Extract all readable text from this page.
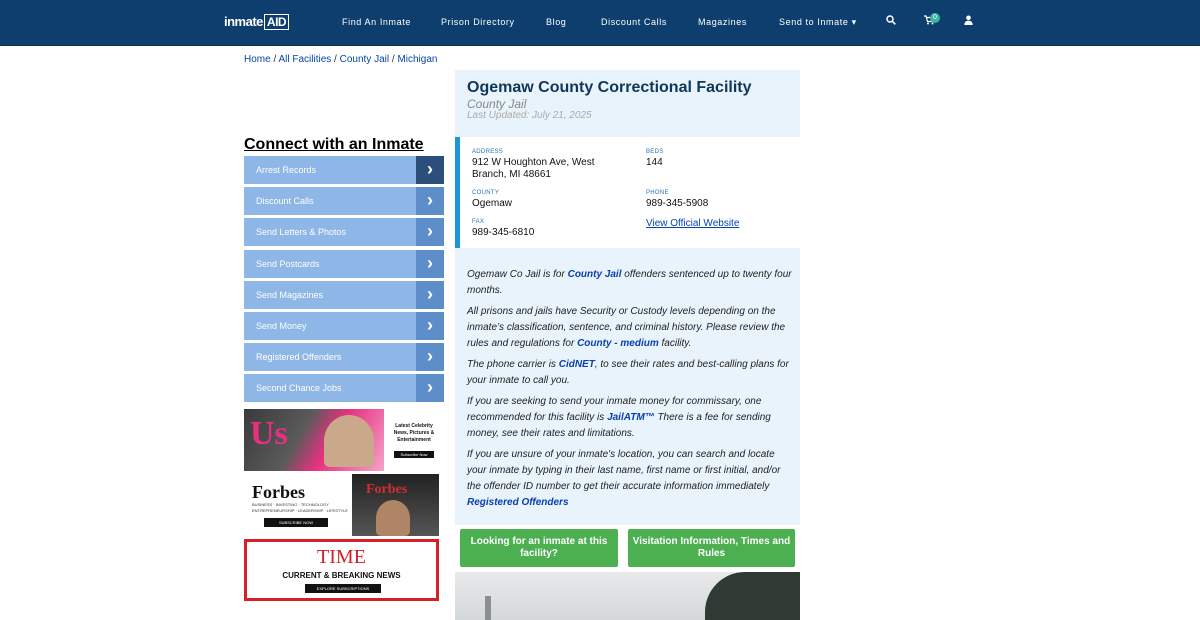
inmate AID	Find An Inmate	Prison Directory	Blog	Discount Calls	Magazines	Send to Inmate ▾	0
Home / All Facilities / County Jail / Michigan
Connect with an Inmate
Arrest Records	›
Discount Calls	›
Send Letters & Photos	›
Send Postcards	›
Send Magazines	›
Send Money	›
Registered Offenders	›
Second Chance Jobs	›
Us	Latest Celebrity
News, Pictures &
Entertainment
Subscribe Now
Forbes
BUSINESS · INVESTING · TECHNOLOGY
ENTREPRENEURSHIP · LEADERSHIP · LIFESTYLE
SUBSCRIBE NOW
Forbes
TIME
CURRENT & BREAKING NEWS
EXPLORE SUBSCRIPTIONS
Ogemaw County Correctional Facility
County Jail
Last Updated: July 21, 2025
ADDRESS
912 W Houghton Ave, West
Branch, MI 48661
BEDS
144
COUNTY
Ogemaw
PHONE
989-345-5908
FAX
989-345-6810
View Official Website

Ogemaw Co Jail is for County Jail offenders sentenced up to twenty four months.

All prisons and jails have Security or Custody levels depending on the inmate’s classification, sentence, and criminal history. Please review the rules and regulations for County - medium facility.

The phone carrier is CidNET, to see their rates and best-calling plans for your inmate to call you.

If you are seeking to send your inmate money for commissary, one recommended for this facility is JailATM™ There is a fee for sending money, see their rates and limitations.

If you are unsure of your inmate's location, you can search and locate your inmate by typing in their last name, first name or first initial, and/or the offender ID number to get their accurate information immediately Registered Offenders

Looking for an inmate at this facility?
Visitation Information, Times and Rules
